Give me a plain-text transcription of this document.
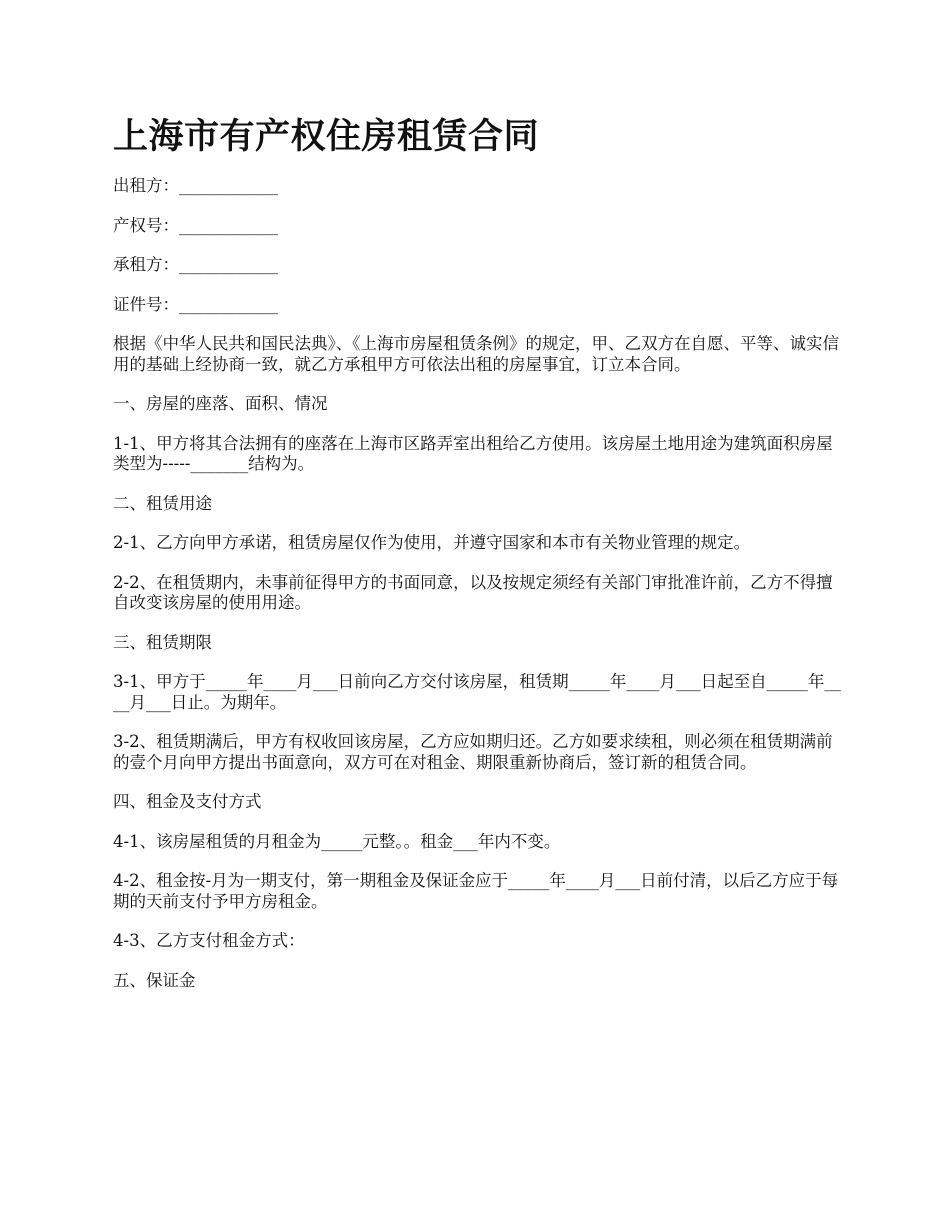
上海市有产权住房租赁合同

出租方：____________

产权号：____________

承租方：____________

证件号：____________

根据《中华人民共和国民法典》、《上海市房屋租赁条例》的规定，甲、乙双方在自愿、平等、诚实信用的基础上经协商一致，就乙方承租甲方可依法出租的房屋事宜，订立本合同。

一、房屋的座落、面积、情况

1-1、甲方将其合法拥有的座落在上海市区路弄室出租给乙方使用。该房屋土地用途为建筑面积房屋类型为-----_______结构为。

二、租赁用途

2-1、乙方向甲方承诺，租赁房屋仅作为使用，并遵守国家和本市有关物业管理的规定。

2-2、在租赁期内，未事前征得甲方的书面同意，以及按规定须经有关部门审批准许前，乙方不得擅自改变该房屋的使用用途。

三、租赁期限

3-1、甲方于_____年____月___日前向乙方交付该房屋，租赁期_____年____月___日起至自_____年____月___日止。为期年。

3-2、租赁期满后，甲方有权收回该房屋，乙方应如期归还。乙方如要求续租，则必须在租赁期满前的壹个月向甲方提出书面意向，双方可在对租金、期限重新协商后，签订新的租赁合同。

四、租金及支付方式

4-1、该房屋租赁的月租金为_____元整。。租金___年内不变。

4-2、租金按-月为一期支付，第一期租金及保证金应于_____年____月___日前付清，以后乙方应于每期的天前支付予甲方房租金。

4-3、乙方支付租金方式：

五、保证金
